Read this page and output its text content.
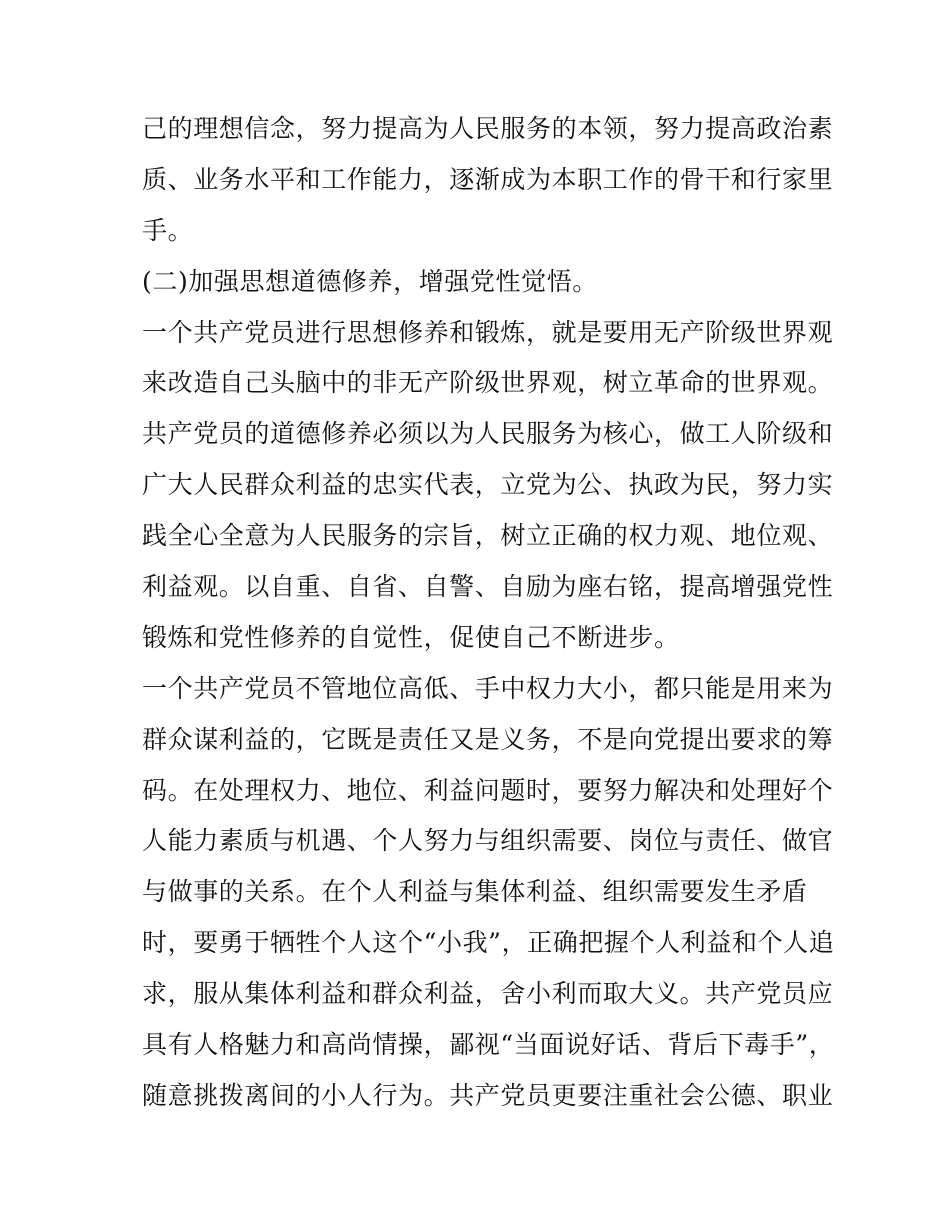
己的理想信念，努力提高为人民服务的本领，努力提高政治素
质、业务水平和工作能力，逐渐成为本职工作的骨干和行家里
手。
(二)加强思想道德修养，增强党性觉悟。
一个共产党员进行思想修养和锻炼，就是要用无产阶级世界观
来改造自己头脑中的非无产阶级世界观，树立革命的世界观。
共产党员的道德修养必须以为人民服务为核心，做工人阶级和
广大人民群众利益的忠实代表，立党为公、执政为民，努力实
践全心全意为人民服务的宗旨，树立正确的权力观、地位观、
利益观。以自重、自省、自警、自励为座右铭，提高增强党性
锻炼和党性修养的自觉性，促使自己不断进步。
一个共产党员不管地位高低、手中权力大小，都只能是用来为
群众谋利益的，它既是责任又是义务，不是向党提出要求的筹
码。在处理权力、地位、利益问题时，要努力解决和处理好个
人能力素质与机遇、个人努力与组织需要、岗位与责任、做官
与做事的关系。在个人利益与集体利益、组织需要发生矛盾
时，要勇于牺牲个人这个“小我”，正确把握个人利益和个人追
求，服从集体利益和群众利益，舍小利而取大义。共产党员应
具有人格魅力和高尚情操，鄙视“当面说好话、背后下毒手”，
随意挑拨离间的小人行为。共产党员更要注重社会公德、职业
